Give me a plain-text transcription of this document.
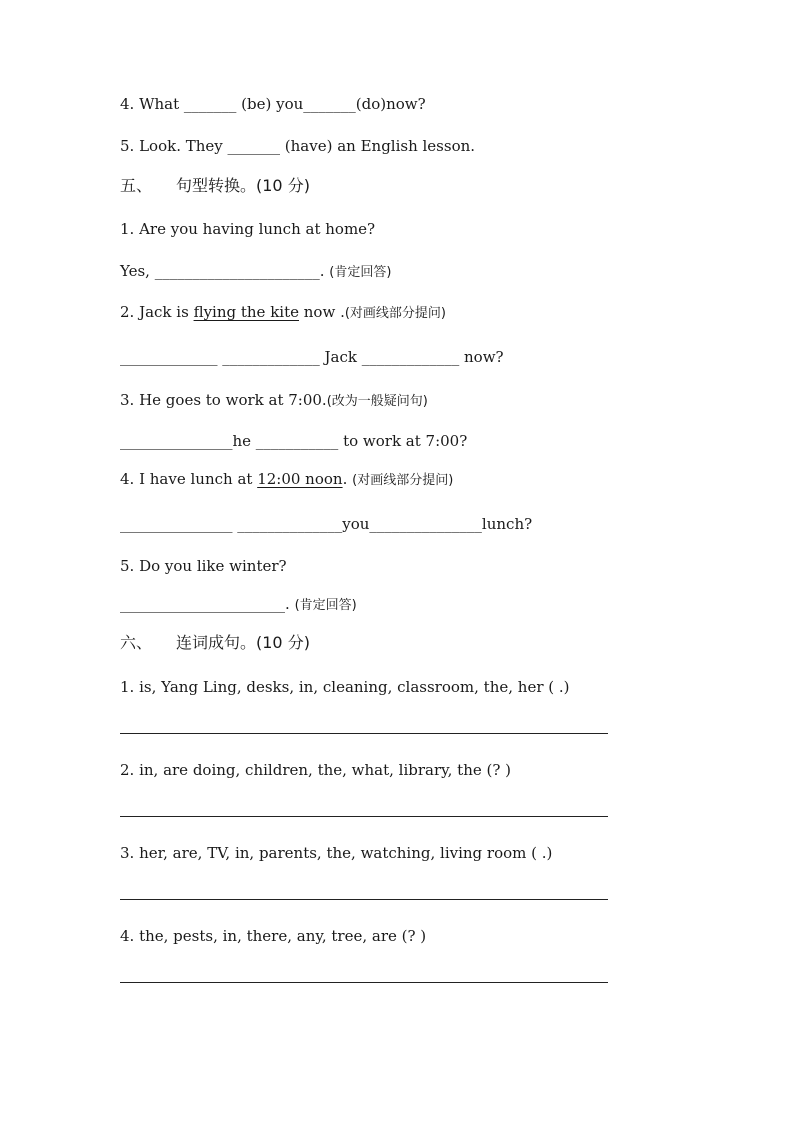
4. What _______ (be) you_______(do)now?
5. Look. They _______ (have) an English lesson.
五、 句型转换。(10 分)
1. Are you having lunch at home?
Yes, ______________________. (肯定回答)
2. Jack is flying the kite now .(对画线部分提问)
_____________ _____________ Jack _____________ now?
3. He goes to work at 7:00.(改为一般疑问句)
_______________he ___________ to work at 7:00?
4. I have lunch at 12:00 noon. (对画线部分提问)
_______________ ______________you_______________lunch?
5. Do you like winter?
______________________. (肯定回答)
六、 连词成句。(10 分)
1. is, Yang Ling, desks, in, cleaning, classroom, the, her ( .)
2. in, are doing, children, the, what, library, the (? )
3. her, are, TV, in, parents, the, watching, living room ( .)
4. the, pests, in, there, any, tree, are (? )
